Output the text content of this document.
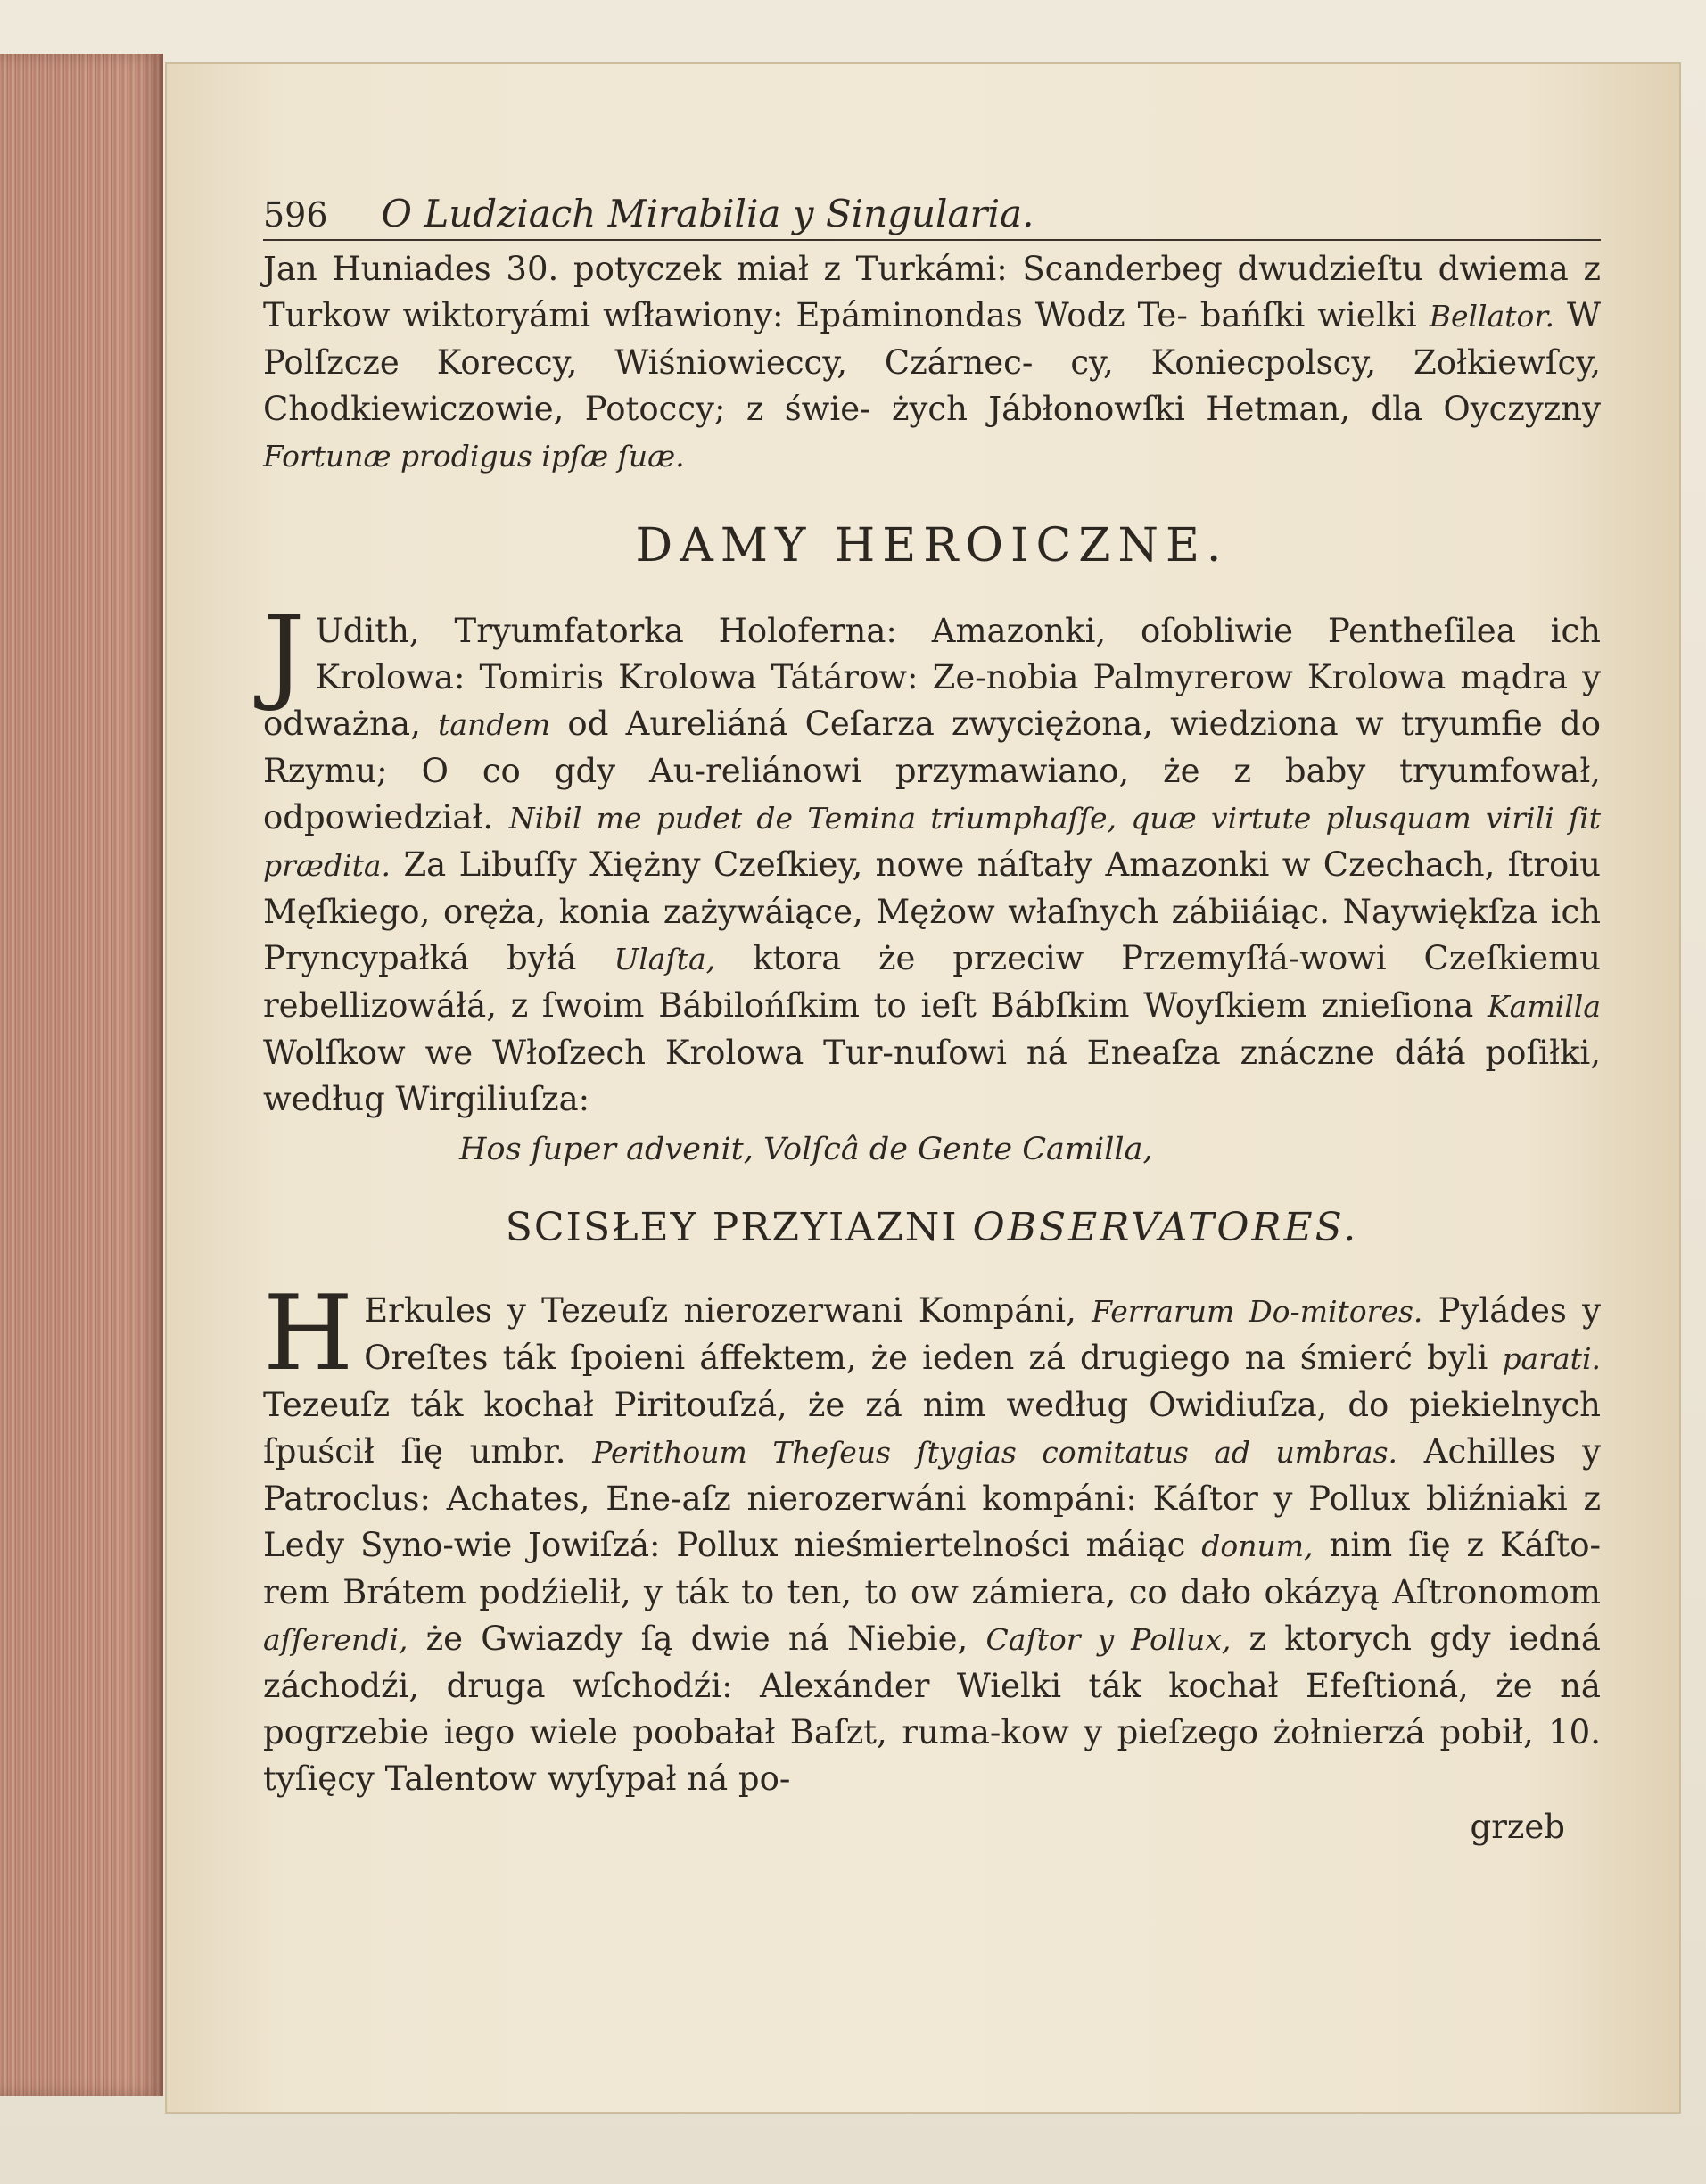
596 O Ludziach Mirabilia y Singularia.

Jan Huniades 30. potyczek miał z Turkámi: Scanderbeg dwudzieſtu dwiema z Turkow wiktoryámi wſławiony: Epáminondas Wodz Te- bańſki wielki Bellator. W Polſzcze Koreccy, Wiśniowieccy, Czárnec- cy, Koniecpolscy, Zołkiewſcy, Chodkiewiczowie, Potoccy; z świe- żych Jábłonowſki Hetman, dla Oyczyzny Fortunæ prodigus ipſæ ſuæ.

DAMY HEROICZNE.

J Udith, Tryumfatorka Holoferna: Amazonki, oſobliwie Pentheſilea ich Krolowa: Tomiris Krolowa Tátárow: Ze-nobia Palmyrerow Krolowa mądra y odważna, tandem od Aureliáná Ceſarza zwyciężona, wiedziona w tryumfie do Rzymu; O co gdy Au-reliánowi przymawiano, że z baby tryumfował, odpowiedział. Nibil me pudet de Temina triumphaſſe, quæ virtute plusquam virili ſit prædita. Za Libuſſy Xiężny Czeſkiey, nowe náſtały Amazonki w Czechach, ſtroiu Męſkiego, oręża, konia zażywáiące, Mężow właſnych zábiiáiąc. Naywiękſza ich Pryncypałká byłá Ulaſta, ktora że przeciw Przemyſłá-wowi Czeſkiemu rebellizowáłá, z ſwoim Bábilońſkim to ieſt Bábſkim Woyſkiem znieſiona Kamilla Wolſkow we Włoſzech Krolowa Tur-nuſowi ná Eneaſza znáczne dáłá poſiłki, według Wirgiliuſza:

Hos ſuper advenit, Volſcâ de Gente Camilla,
SCISŁEY PRZYIAZNI OBSERVATORES.

H Erkules y Tezeuſz nierozerwani Kompáni, Ferrarum Do-mitores. Pyládes y Oreſtes ták ſpoieni áffektem, że ieden zá drugiego na śmierć byli parati. Tezeuſz ták kochał Piritouſzá, że zá nim według Owidiuſza, do piekielnych ſpuścił ſię umbr. Perithoum Theſeus ſtygias comitatus ad umbras. Achilles y Patroclus: Achates, Ene-aſz nierozerwáni kompáni: Káſtor y Pollux bliźniaki z Ledy Syno-wie Jowiſzá: Pollux nieśmiertelności máiąc donum, nim ſię z Káſto-rem Brátem podźielił, y ták to ten, to ow zámiera, co dało okázyą Aſtronomom aſſerendi, że Gwiazdy ſą dwie ná Niebie, Caſtor y Pollux, z ktorych gdy iedná záchodźi, druga wſchodźi: Alexánder Wielki ták kochał Efeſtioná, że ná pogrzebie iego wiele poobałał Baſzt, ruma-kow y pieſzego żołnierzá pobił, 10. tyſięcy Talentow wyſypał ná po-

grzeb
